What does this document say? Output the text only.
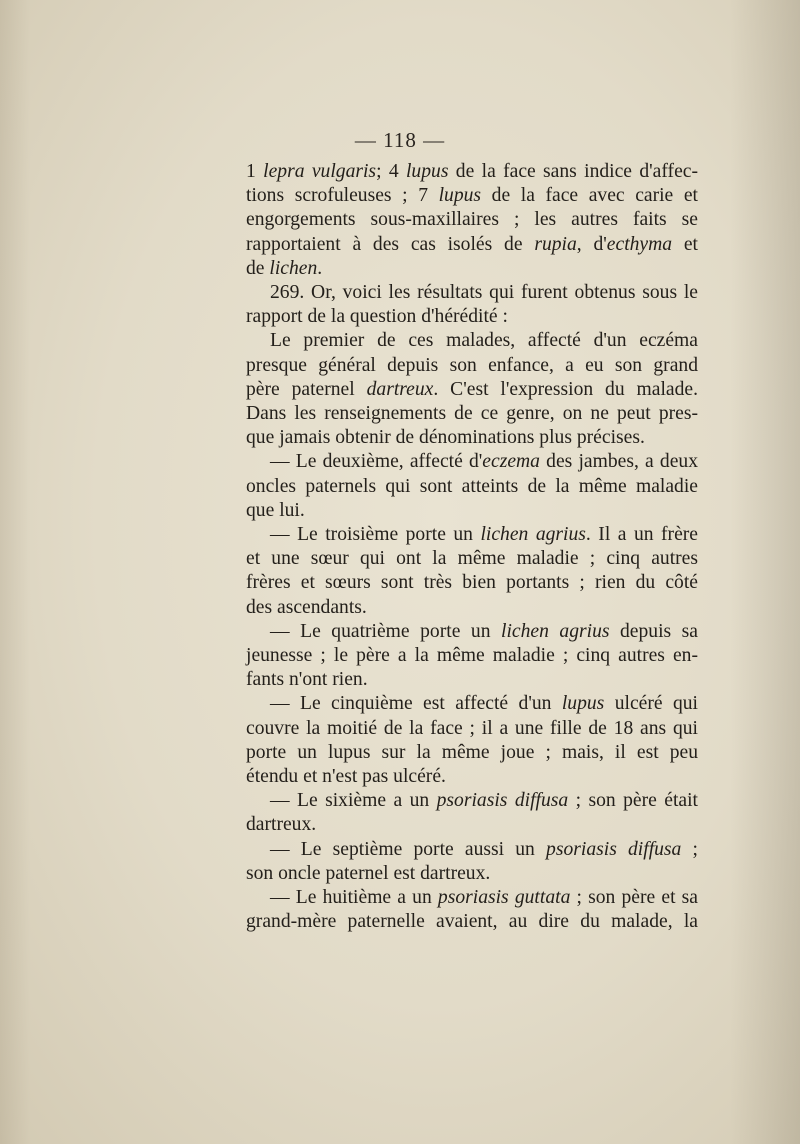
— 118 —
1 lepra vulgaris; 4 lupus de la face sans indice d'affec-
tions scrofuleuses ; 7 lupus de la face avec carie et
engorgements sous-maxillaires ; les autres faits se
rapportaient à des cas isolés de rupia, d'ecthyma et
de lichen.
269. Or, voici les résultats qui furent obtenus sous le
rapport de la question d'hérédité :
Le premier de ces malades, affecté d'un eczéma
presque général depuis son enfance, a eu son grand
père paternel dartreux. C'est l'expression du malade.
Dans les renseignements de ce genre, on ne peut pres-
que jamais obtenir de dénominations plus précises.
— Le deuxième, affecté d'eczema des jambes, a deux
oncles paternels qui sont atteints de la même maladie
que lui.
— Le troisième porte un lichen agrius. Il a un frère
et une sœur qui ont la même maladie ; cinq autres
frères et sœurs sont très bien portants ; rien du côté
des ascendants.
— Le quatrième porte un lichen agrius depuis sa
jeunesse ; le père a la même maladie ; cinq autres en-
fants n'ont rien.
— Le cinquième est affecté d'un lupus ulcéré qui
couvre la moitié de la face ; il a une fille de 18 ans qui
porte un lupus sur la même joue ; mais, il est peu
étendu et n'est pas ulcéré.
— Le sixième a un psoriasis diffusa ; son père était
dartreux.
— Le septième porte aussi un psoriasis diffusa ;
son oncle paternel est dartreux.
— Le huitième a un psoriasis guttata ; son père et sa
grand-mère paternelle avaient, au dire du malade, la
